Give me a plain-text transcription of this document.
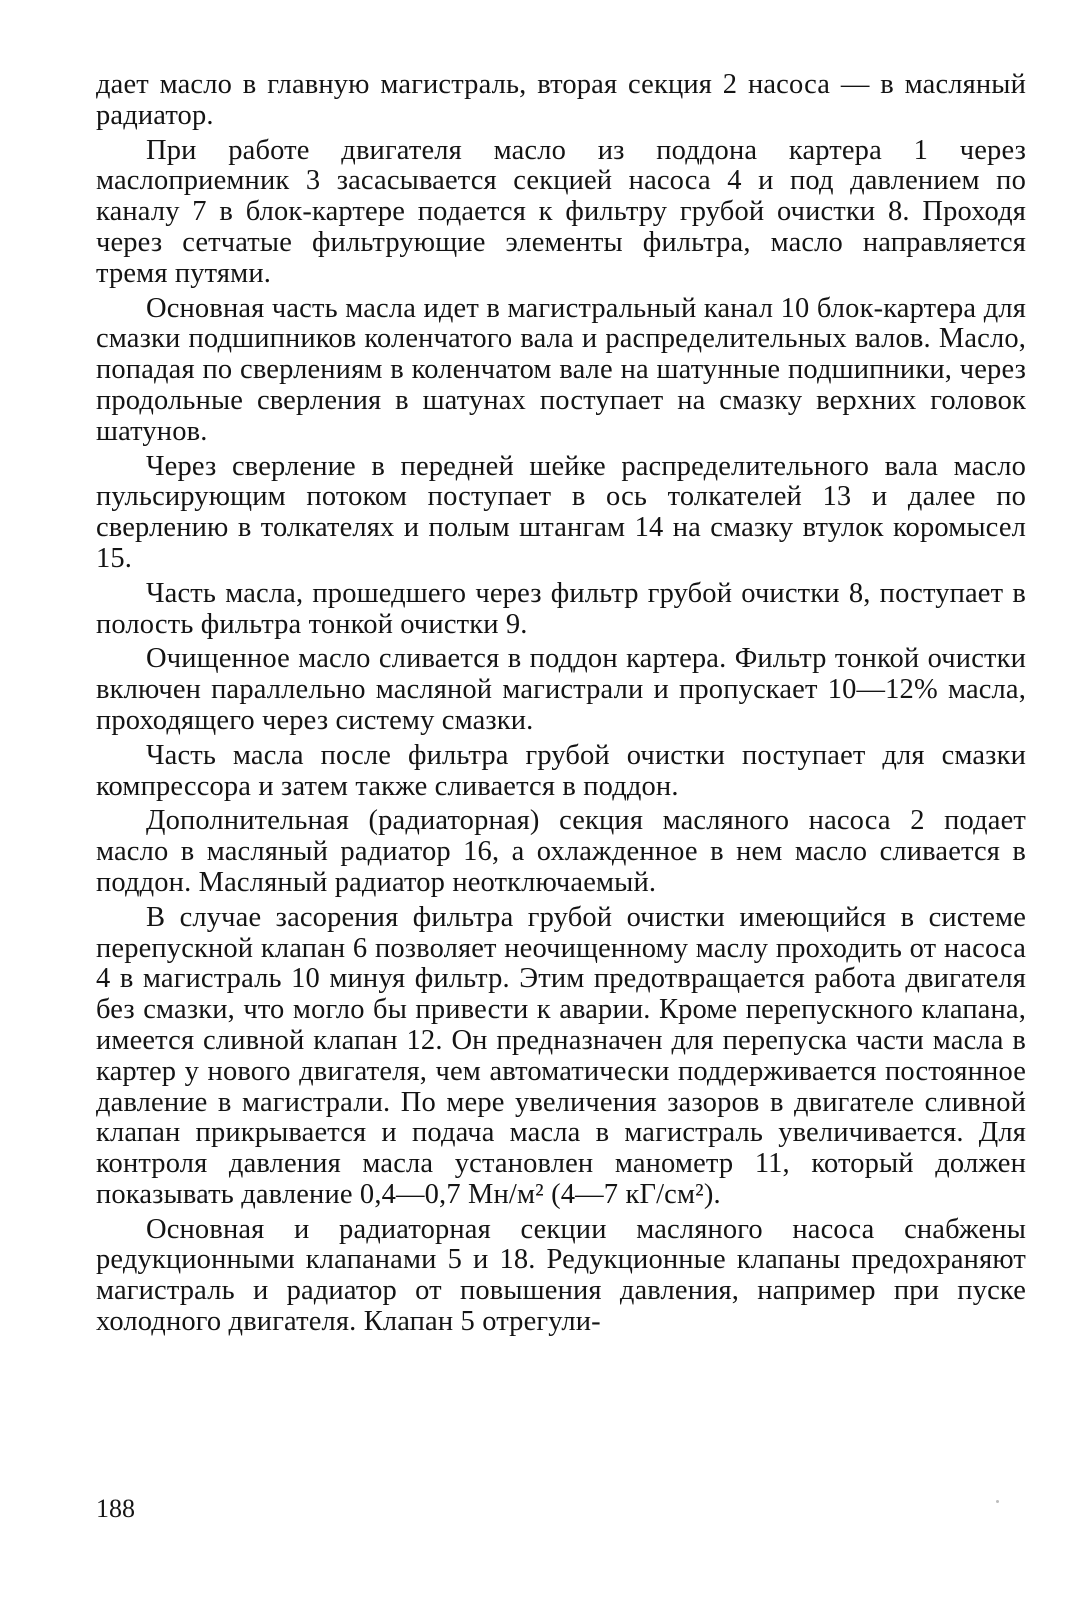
дает масло в главную магистраль, вторая секция 2 насоса — в масляный радиатор.

При работе двигателя масло из поддона картера 1 через маслоприемник 3 засасывается секцией насоса 4 и под давлением по каналу 7 в блок-картере подается к фильтру грубой очистки 8. Проходя через сетчатые фильтрующие элементы фильтра, масло направляется тремя путями.

Основная часть масла идет в магистральный канал 10 блок-картера для смазки подшипников коленчатого вала и распределительных валов. Масло, попадая по сверлениям в коленчатом вале на шатунные подшипники, через продольные сверления в шатунах поступает на смазку верхних головок шатунов.

Через сверление в передней шейке распределительного вала масло пульсирующим потоком поступает в ось толкателей 13 и далее по сверлению в толкателях и полым штангам 14 на смазку втулок коромысел 15.

Часть масла, прошедшего через фильтр грубой очистки 8, поступает в полость фильтра тонкой очистки 9.

Очищенное масло сливается в поддон картера. Фильтр тонкой очистки включен параллельно масляной магистрали и пропускает 10—12% масла, проходящего через систему смазки.

Часть масла после фильтра грубой очистки поступает для смазки компрессора и затем также сливается в поддон.

Дополнительная (радиаторная) секция масляного насоса 2 подает масло в масляный радиатор 16, а охлажденное в нем масло сливается в поддон. Масляный радиатор неотключаемый.

В случае засорения фильтра грубой очистки имеющийся в системе перепускной клапан 6 позволяет неочищенному маслу проходить от насоса 4 в магистраль 10 минуя фильтр. Этим предотвращается работа двигателя без смазки, что могло бы привести к аварии. Кроме перепускного клапана, имеется сливной клапан 12. Он предназначен для перепуска части масла в картер у нового двигателя, чем автоматически поддерживается постоянное давление в магистрали. По мере увеличения зазоров в двигателе сливной клапан прикрывается и подача масла в магистраль увеличивается. Для контроля давления масла установлен манометр 11, который должен показывать давление 0,4—0,7 Мн/м² (4—7 кГ/см²).

Основная и радиаторная секции масляного насоса снабжены редукционными клапанами 5 и 18. Редукционные клапаны предохраняют магистраль и радиатор от повышения давления, например при пуске холодного двигателя. Клапан 5 отрегули-

188
